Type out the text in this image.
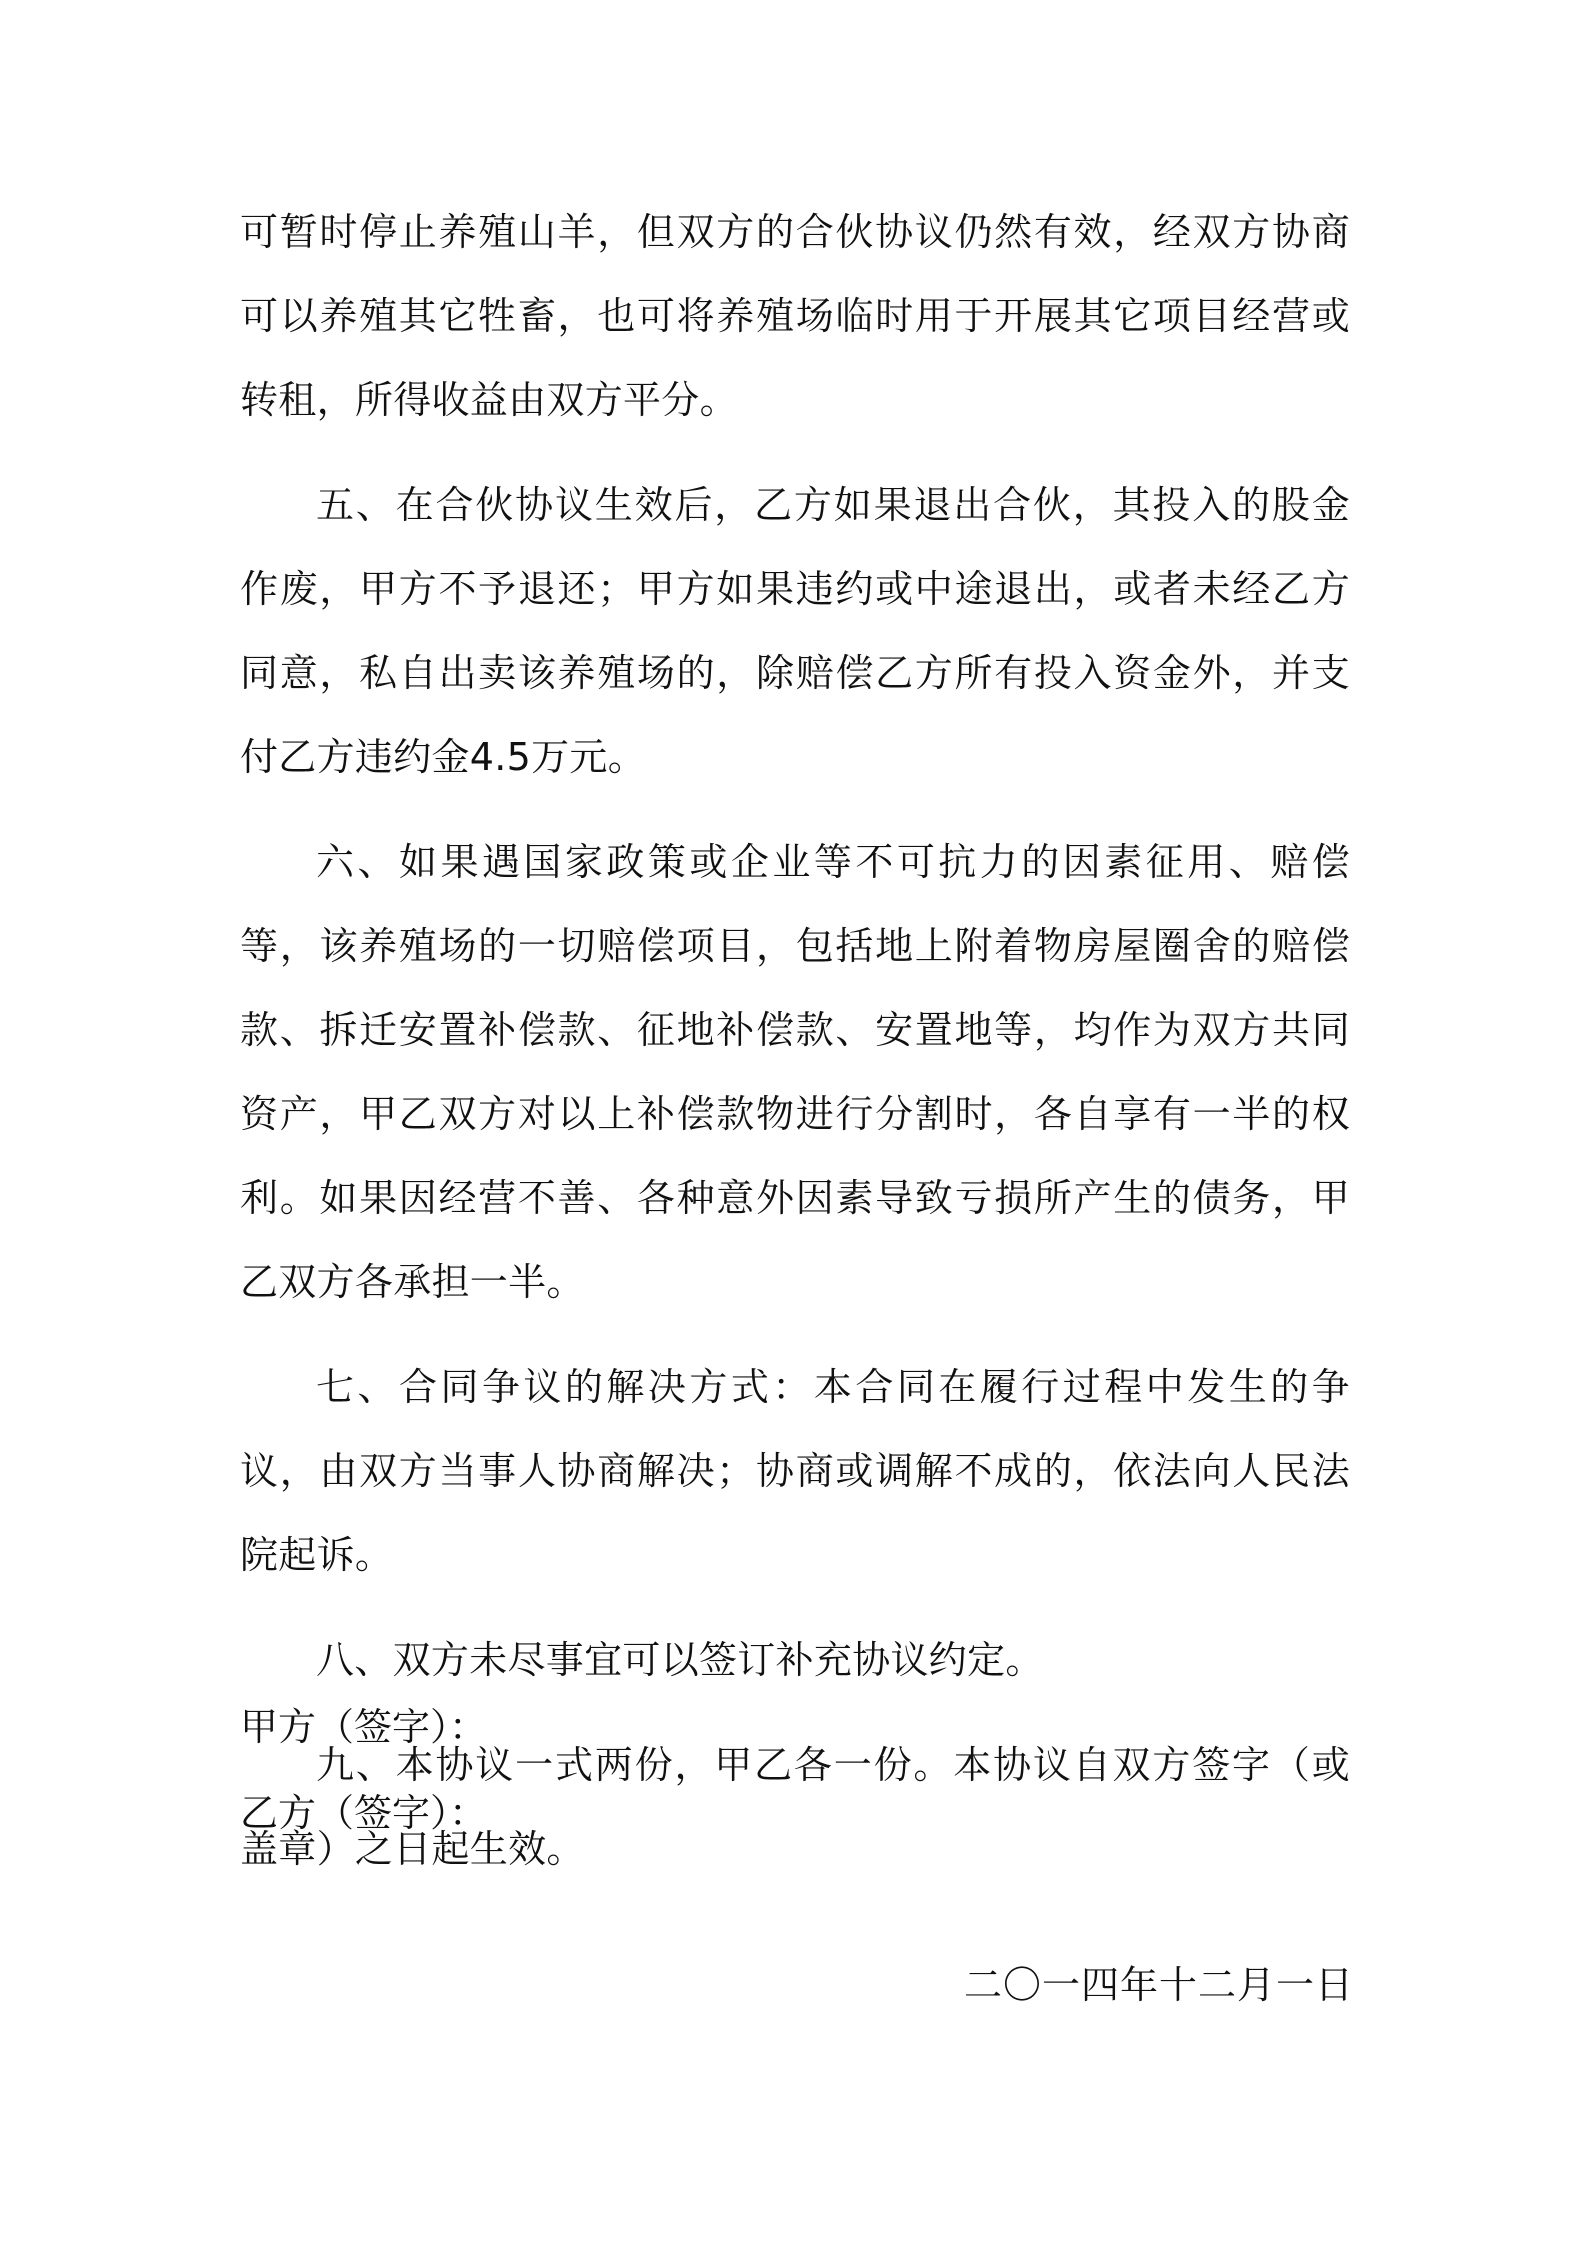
可暂时停止养殖山羊，但双方的合伙协议仍然有效，经双方协商可以养殖其它牲畜，也可将养殖场临时用于开展其它项目经营或转租，所得收益由双方平分。

五、在合伙协议生效后，乙方如果退出合伙，其投入的股金作废，甲方不予退还；甲方如果违约或中途退出，或者未经乙方同意，私自出卖该养殖场的，除赔偿乙方所有投入资金外，并支付乙方违约金4.5万元。

六、如果遇国家政策或企业等不可抗力的因素征用、赔偿等，该养殖场的一切赔偿项目，包括地上附着物房屋圈舍的赔偿款、拆迁安置补偿款、征地补偿款、安置地等，均作为双方共同资产，甲乙双方对以上补偿款物进行分割时，各自享有一半的权利。如果因经营不善、各种意外因素导致亏损所产生的债务，甲乙双方各承担一半。

七、合同争议的解决方式：本合同在履行过程中发生的争议，由双方当事人协商解决；协商或调解不成的，依法向人民法院起诉。

八、双方未尽事宜可以签订补充协议约定。

九、本协议一式两份，甲乙各一份。本协议自双方签字（或盖章）之日起生效。

甲方（签字）：

乙方（签字）：

二〇一四年十二月一日
